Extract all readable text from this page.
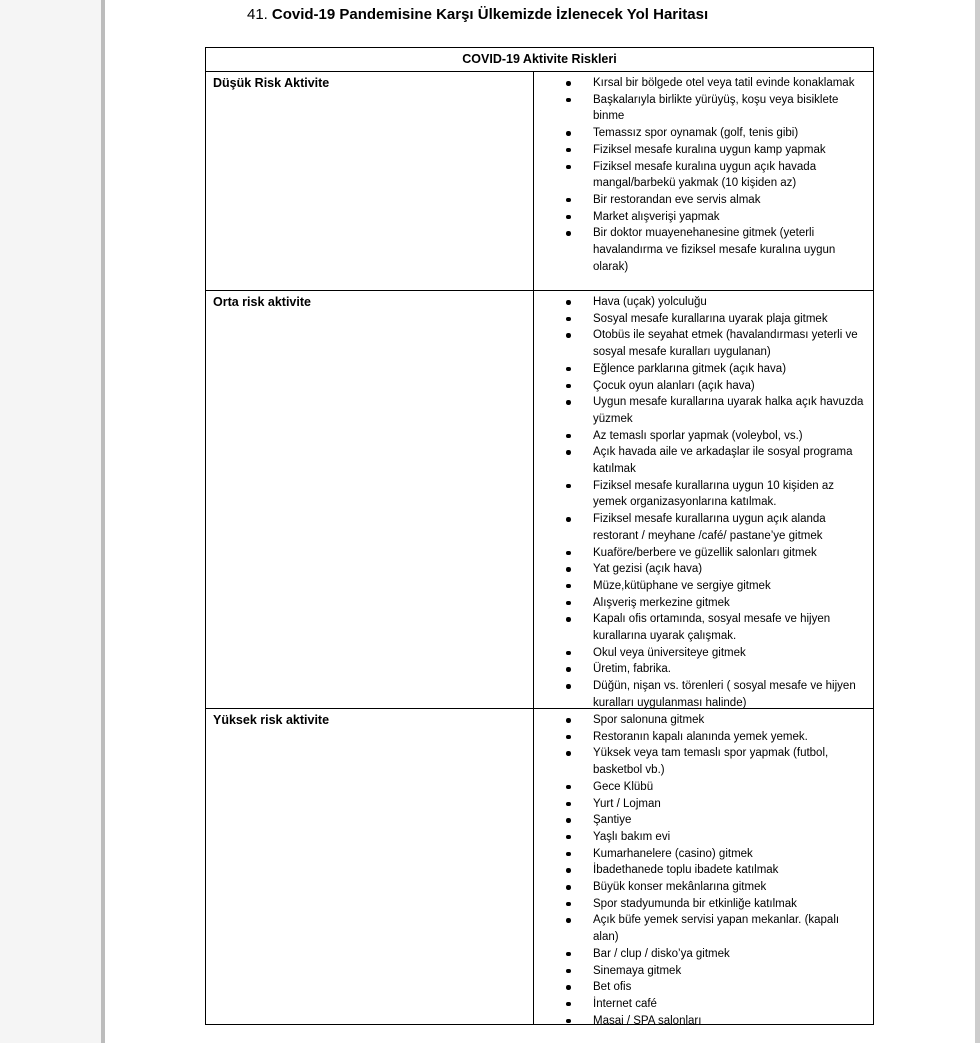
41. Covid-19 Pandemisine Karşı Ülkemizde İzlenecek Yol Haritası
COVID-19 Aktivite Riskleri
Düşük Risk Aktivite	Kırsal bir bölgede otel veya tatil evinde konaklamak
Başkalarıyla birlikte yürüyüş, koşu veya bisiklete binme
Temassız spor oynamak (golf, tenis gibi)
Fiziksel mesafe kuralına uygun kamp yapmak
Fiziksel mesafe kuralına uygun açık havada mangal/barbekü yakmak (10 kişiden az)
Bir restorandan eve servis almak
Market alışverişi yapmak
Bir doktor muayenehanesine gitmek (yeterli havalandırma ve fiziksel mesafe kuralına uygun olarak)
Orta risk aktivite	Hava (uçak) yolculuğu
Sosyal mesafe kurallarına uyarak plaja gitmek
Otobüs ile seyahat etmek (havalandırması yeterli ve sosyal mesafe kuralları uygulanan)
Eğlence parklarına gitmek (açık hava)
Çocuk oyun alanları (açık hava)
Uygun mesafe kurallarına uyarak halka açık havuzda yüzmek
Az temaslı sporlar yapmak (voleybol, vs.)
Açık havada aile ve arkadaşlar ile sosyal programa katılmak
Fiziksel mesafe kurallarına uygun 10 kişiden az yemek organizasyonlarına katılmak.
Fiziksel mesafe kurallarına uygun açık alanda restorant / meyhane /café/ pastane’ye gitmek
Kuaföre/berbere ve güzellik salonları gitmek
Yat gezisi (açık hava)
Müze,kütüphane ve sergiye gitmek
Alışveriş merkezine gitmek
Kapalı ofis ortamında, sosyal mesafe ve hijyen kurallarına uyarak çalışmak.
Okul veya üniversiteye gitmek
Üretim, fabrika.
Düğün, nişan vs. törenleri ( sosyal mesafe ve hijyen kuralları uygulanması halinde)
Yüksek risk aktivite	Spor salonuna gitmek
Restoranın kapalı alanında yemek yemek.
Yüksek veya tam temaslı spor yapmak (futbol, basketbol vb.)
Gece Klübü
Yurt / Lojman
Şantiye
Yaşlı bakım evi
Kumarhanelere (casino) gitmek
İbadethanede toplu ibadete katılmak
Büyük konser mekânlarına gitmek
Spor stadyumunda bir etkinliğe katılmak
Açık büfe yemek servisi yapan mekanlar. (kapalı alan)
Bar / clup / disko’ya gitmek
Sinemaya gitmek
Bet ofis
İnternet café
Masaj / SPA salonları
